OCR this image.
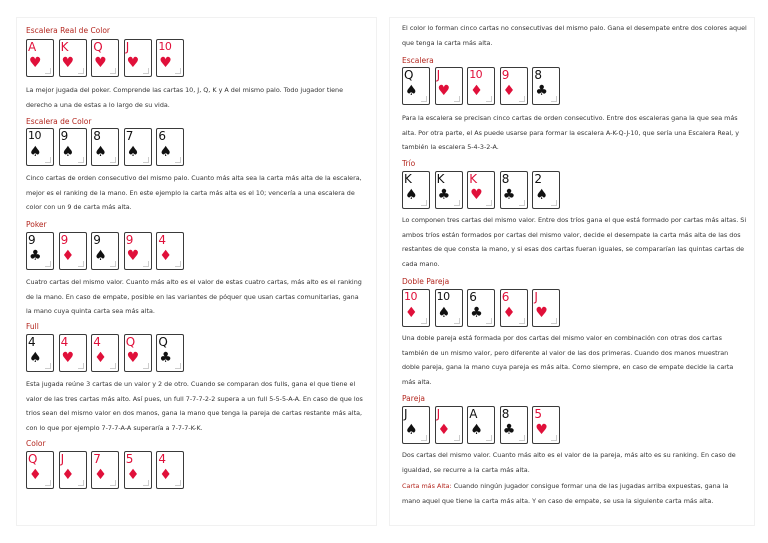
Escalera Real de Color
A
♥
K
♥
Q
♥
J
♥
10
♥
La mejor jugada del poker. Comprende las cartas 10, J, Q, K y A del mismo palo. Todo jugador tiene derecho a una de estas a lo largo de su vida.
Escalera de Color
10
♠
9
♠
8
♠
7
♠
6
♠
Cinco cartas de orden consecutivo del mismo palo. Cuanto más alta sea la carta más alta de la escalera, mejor es el ranking de la mano. En este ejemplo la carta más alta es el 10; vencería a una escalera de color con un 9 de carta más alta.
Poker
9
♣
9
♦
9
♠
9
♥
4
♦
Cuatro cartas del mismo valor. Cuanto más alto es el valor de estas cuatro cartas, más alto es el ranking de la mano. En caso de empate, posible en las variantes de póquer que usan cartas comunitarias, gana la mano cuya quinta carta sea más alta.
Full
4
♠
4
♥
4
♦
Q
♥
Q
♣
Esta jugada reúne 3 cartas de un valor y 2 de otro. Cuando se comparan dos fulls, gana el que tiene el valor de las tres cartas más alto. Así pues, un full 7-7-7-2-2 supera a un full 5-5-5-A-A. En caso de que los trios sean del mismo valor en dos manos, gana la mano que tenga la pareja de cartas restante más alta, con lo que por ejemplo 7-7-7-A-A superaría a 7-7-7-K-K.
Color
Q
♦
J
♦
7
♦
5
♦
4
♦
El color lo forman cinco cartas no consecutivas del mismo palo. Gana el desempate entre dos colores aquel que tenga la carta más alta.
Escalera
Q
♠
J
♥
10
♦
9
♦
8
♣
Para la escalera se precisan cinco cartas de orden consecutivo. Entre dos escaleras gana la que sea más alta. Por otra parte, el As puede usarse para formar la escalera A-K-Q-J-10, que sería una Escalera Real, y también la escalera 5-4-3-2-A.
Trío
K
♠
K
♣
K
♥
8
♣
2
♠
Lo componen tres cartas del mismo valor. Entre dos tríos gana el que está formado por cartas más altas. Si ambos tríos están formados por cartas del mismo valor, decide el desempate la carta más alta de las dos restantes de que consta la mano, y si esas dos cartas fueran iguales, se compararían las quintas cartas de cada mano.
Doble Pareja
10
♦
10
♠
6
♣
6
♦
J
♥
Una doble pareja está formada por dos cartas del mismo valor en combinación con otras dos cartas también de un mismo valor, pero diferente al valor de las dos primeras. Cuando dos manos muestran doble pareja, gana la mano cuya pareja es más alta. Como siempre, en caso de empate decide la carta más alta.
Pareja
J
♠
J
♦
A
♠
8
♣
5
♥
Dos cartas del mismo valor. Cuanto más alto es el valor de la pareja, más alto es su ranking. En caso de igualdad, se recurre a la carta más alta.
Carta más Alta: Cuando ningún jugador consigue formar una de las jugadas arriba expuestas, gana la mano aquel que tiene la carta más alta. Y en caso de empate, se usa la siguiente carta más alta.
